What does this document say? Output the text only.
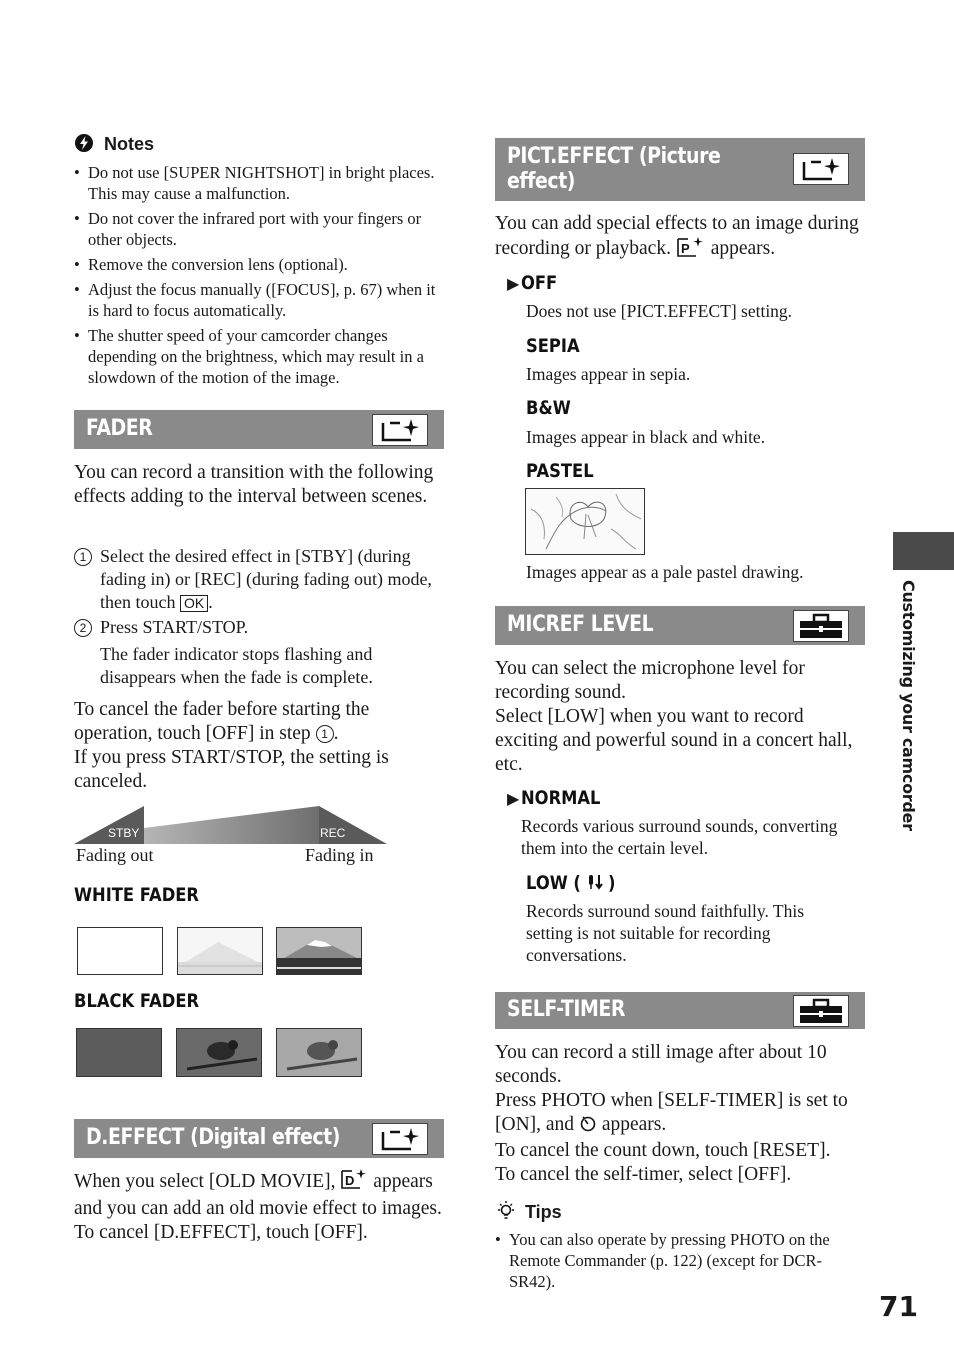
Notes
• Do not use [SUPER NIGHTSHOT] in bright places. This may cause a malfunction.
• Do not cover the infrared port with your fingers or other objects.
• Remove the conversion lens (optional).
• Adjust the focus manually ([FOCUS], p. 67) when it is hard to focus automatically.
• The shutter speed of your camcorder changes depending on the brightness, which may result in a slowdown of the motion of the image.
FADER
You can record a transition with the following effects adding to the interval between scenes.
1 Select the desired effect in [STBY] (during fading in) or [REC] (during fading out) mode, then touch OK .
2 Press START/STOP.
The fader indicator stops flashing and disappears when the fade is complete.
To cancel the fader before starting the operation, touch [OFF] in step 1 .
If you press START/STOP, the setting is canceled.
STBY	REC
Fading out	Fading in
WHITE FADER
BLACK FADER
D.EFFECT (Digital effect)
When you select [OLD MOVIE], D appears and you can add an old movie effect to images.
To cancel [D.EFFECT], touch [OFF].
PICT.EFFECT (Picture
effect)
You can add special effects to an image during recording or playback. P appears.
▶ OFF
Does not use [PICT.EFFECT] setting.
SEPIA
Images appear in sepia.
B&W
Images appear in black and white.
PASTEL
Images appear as a pale pastel drawing.
MICREF LEVEL
You can select the microphone level for recording sound.
Select [LOW] when you want to record exciting and powerful sound in a concert hall, etc.
▶ NORMAL
Records various surround sounds, converting them into the certain level.
LOW ( )
Records surround sound faithfully. This setting is not suitable for recording conversations.
SELF-TIMER
You can record a still image after about 10 seconds.
Press PHOTO when [SELF-TIMER] is set to [ON], and appears.
To cancel the count down, touch [RESET].
To cancel the self-timer, select [OFF].
Tips
• You can also operate by pressing PHOTO on the Remote Commander (p. 122) (except for DCR-SR42).
Customizing your camcorder
71
